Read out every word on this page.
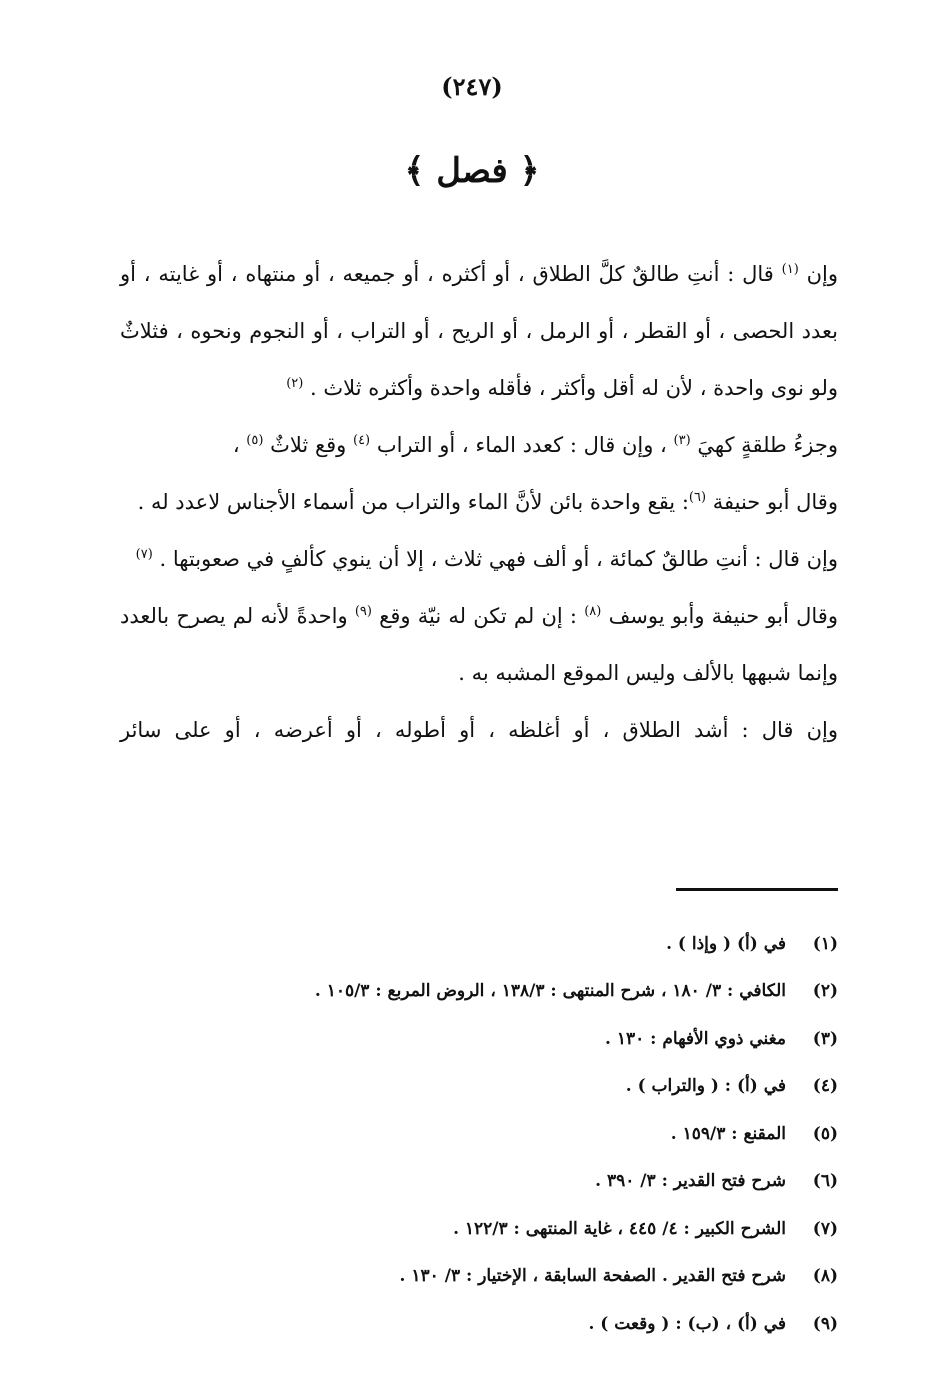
(٢٤٧)
﴿ فصل ﴾

وإن $^{(١)}$ قال : أنتِ طالقٌ كلَّ الطلاق ، أو أكثره ، أو جميعه ، أو منتهاه ، أو غايته ، أو بعدد الحصى ، أو القطر ، أو الرمل ، أو الريح ، أو التراب ، أو النجوم ونحوه ، فثلاثٌ ولو نوى واحدة ، لأن له أقل وأكثر ، فأقله واحدة وأكثره ثلاث . $^{(٢)}$

وجزءُ طلقةٍ كهيَ $^{(٣)}$ ، وإن قال : كعدد الماء ، أو التراب $^{(٤)}$ وقع ثلاثٌ $^{(٥)}$ ،

وقال أبو حنيفة $^{(٦)}$: يقع واحدة بائن لأنَّ الماء والتراب من أسماء الأجناس لاعدد له .

وإن قال : أنتِ طالقٌ كمائة ، أو ألف فهي ثلاث ، إلا أن ينوي كألفٍ في صعوبتها . $^{(٧)}$

وقال أبو حنيفة وأبو يوسف $^{(٨)}$ : إن لم تكن له نيّة وقع $^{(٩)}$ واحدةً لأنه لم يصرح بالعدد وإنما شبهها بالألف وليس الموقع المشبه به .

وإن قال : أشد الطلاق ، أو أغلظه ، أو أطوله ، أو أعرضه ، أو على سائر

(١)
في (أ) ( وإذا ) .
(٢)
الكافي : ٣/ ١٨٠ ، شرح المنتهى : ١٣٨/٣ ، الروض المربع : ١٠٥/٣ .
(٣)
مغني ذوي الأفهام : ١٣٠ .
(٤)
في (أ) : ( والتراب ) .
(٥)
المقنع : ١٥٩/٣ .
(٦)
شرح فتح القدير : ٣/ ٣٩٠ .
(٧)
الشرح الكبير : ٤/ ٤٤٥ ، غاية المنتهى : ١٢٢/٣ .
(٨)
شرح فتح القدير . الصفحة السابقة ، الإختيار : ٣/ ١٣٠ .
(٩)
في (أ) ، (ب) : ( وقعت ) .
